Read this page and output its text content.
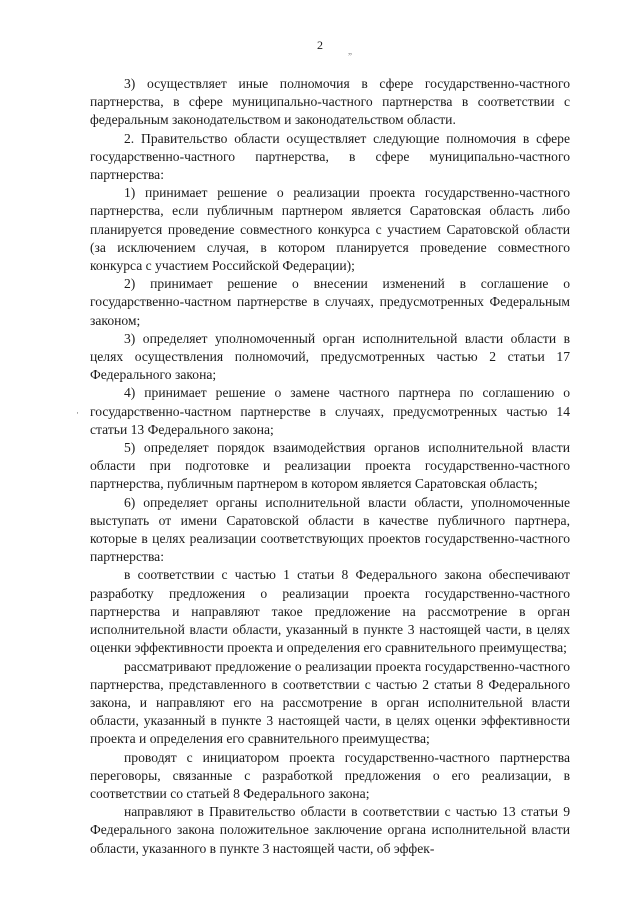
2	„
·

3) осуществляет иные полномочия в сфере государственно-частного партнерства, в сфере муниципально-частного партнерства в соответствии с федеральным законодательством и законодательством области.

2. Правительство области осуществляет следующие полномочия в сфере государственно-частного партнерства, в сфере муниципально-частного партнерства:

1) принимает решение о реализации проекта государственно-частного партнерства, если публичным партнером является Саратовская область либо планируется проведение совместного конкурса с участием Саратовской области (за исключением случая, в котором планируется проведение совместного конкурса с участием Российской Федерации);

2) принимает решение о внесении изменений в соглашение о государственно-частном партнерстве в случаях, предусмотренных Федеральным законом;

3) определяет уполномоченный орган исполнительной власти области в целях осуществления полномочий, предусмотренных частью 2 статьи 17 Федерального закона;

4) принимает решение о замене частного партнера по соглашению о государственно-частном партнерстве в случаях, предусмотренных частью 14 статьи 13 Федерального закона;

5) определяет порядок взаимодействия органов исполнительной власти области при подготовке и реализации проекта государственно-частного партнерства, публичным партнером в котором является Саратовская область;

6) определяет органы исполнительной власти области, уполномоченные выступать от имени Саратовской области в качестве публичного партнера, которые в целях реализации соответствующих проектов государственно-частного партнерства:

в соответствии с частью 1 статьи 8 Федерального закона обеспечивают разработку предложения о реализации проекта государственно-частного партнерства и направляют такое предложение на рассмотрение в орган исполнительной власти области, указанный в пункте 3 настоящей части, в целях оценки эффективности проекта и определения его сравнительного преимущества;

рассматривают предложение о реализации проекта государственно-частного партнерства, представленного в соответствии с частью 2 статьи 8 Федерального закона, и направляют его на рассмотрение в орган исполнительной власти области, указанный в пункте 3 настоящей части, в целях оценки эффективности проекта и определения его сравнительного преимущества;

проводят с инициатором проекта государственно-частного партнерства переговоры, связанные с разработкой предложения о его реализации, в соответствии со статьей 8 Федерального закона;

направляют в Правительство области в соответствии с частью 13 статьи 9 Федерального закона положительное заключение органа исполнительной власти области, указанного в пункте 3 настоящей части, об эффек-
